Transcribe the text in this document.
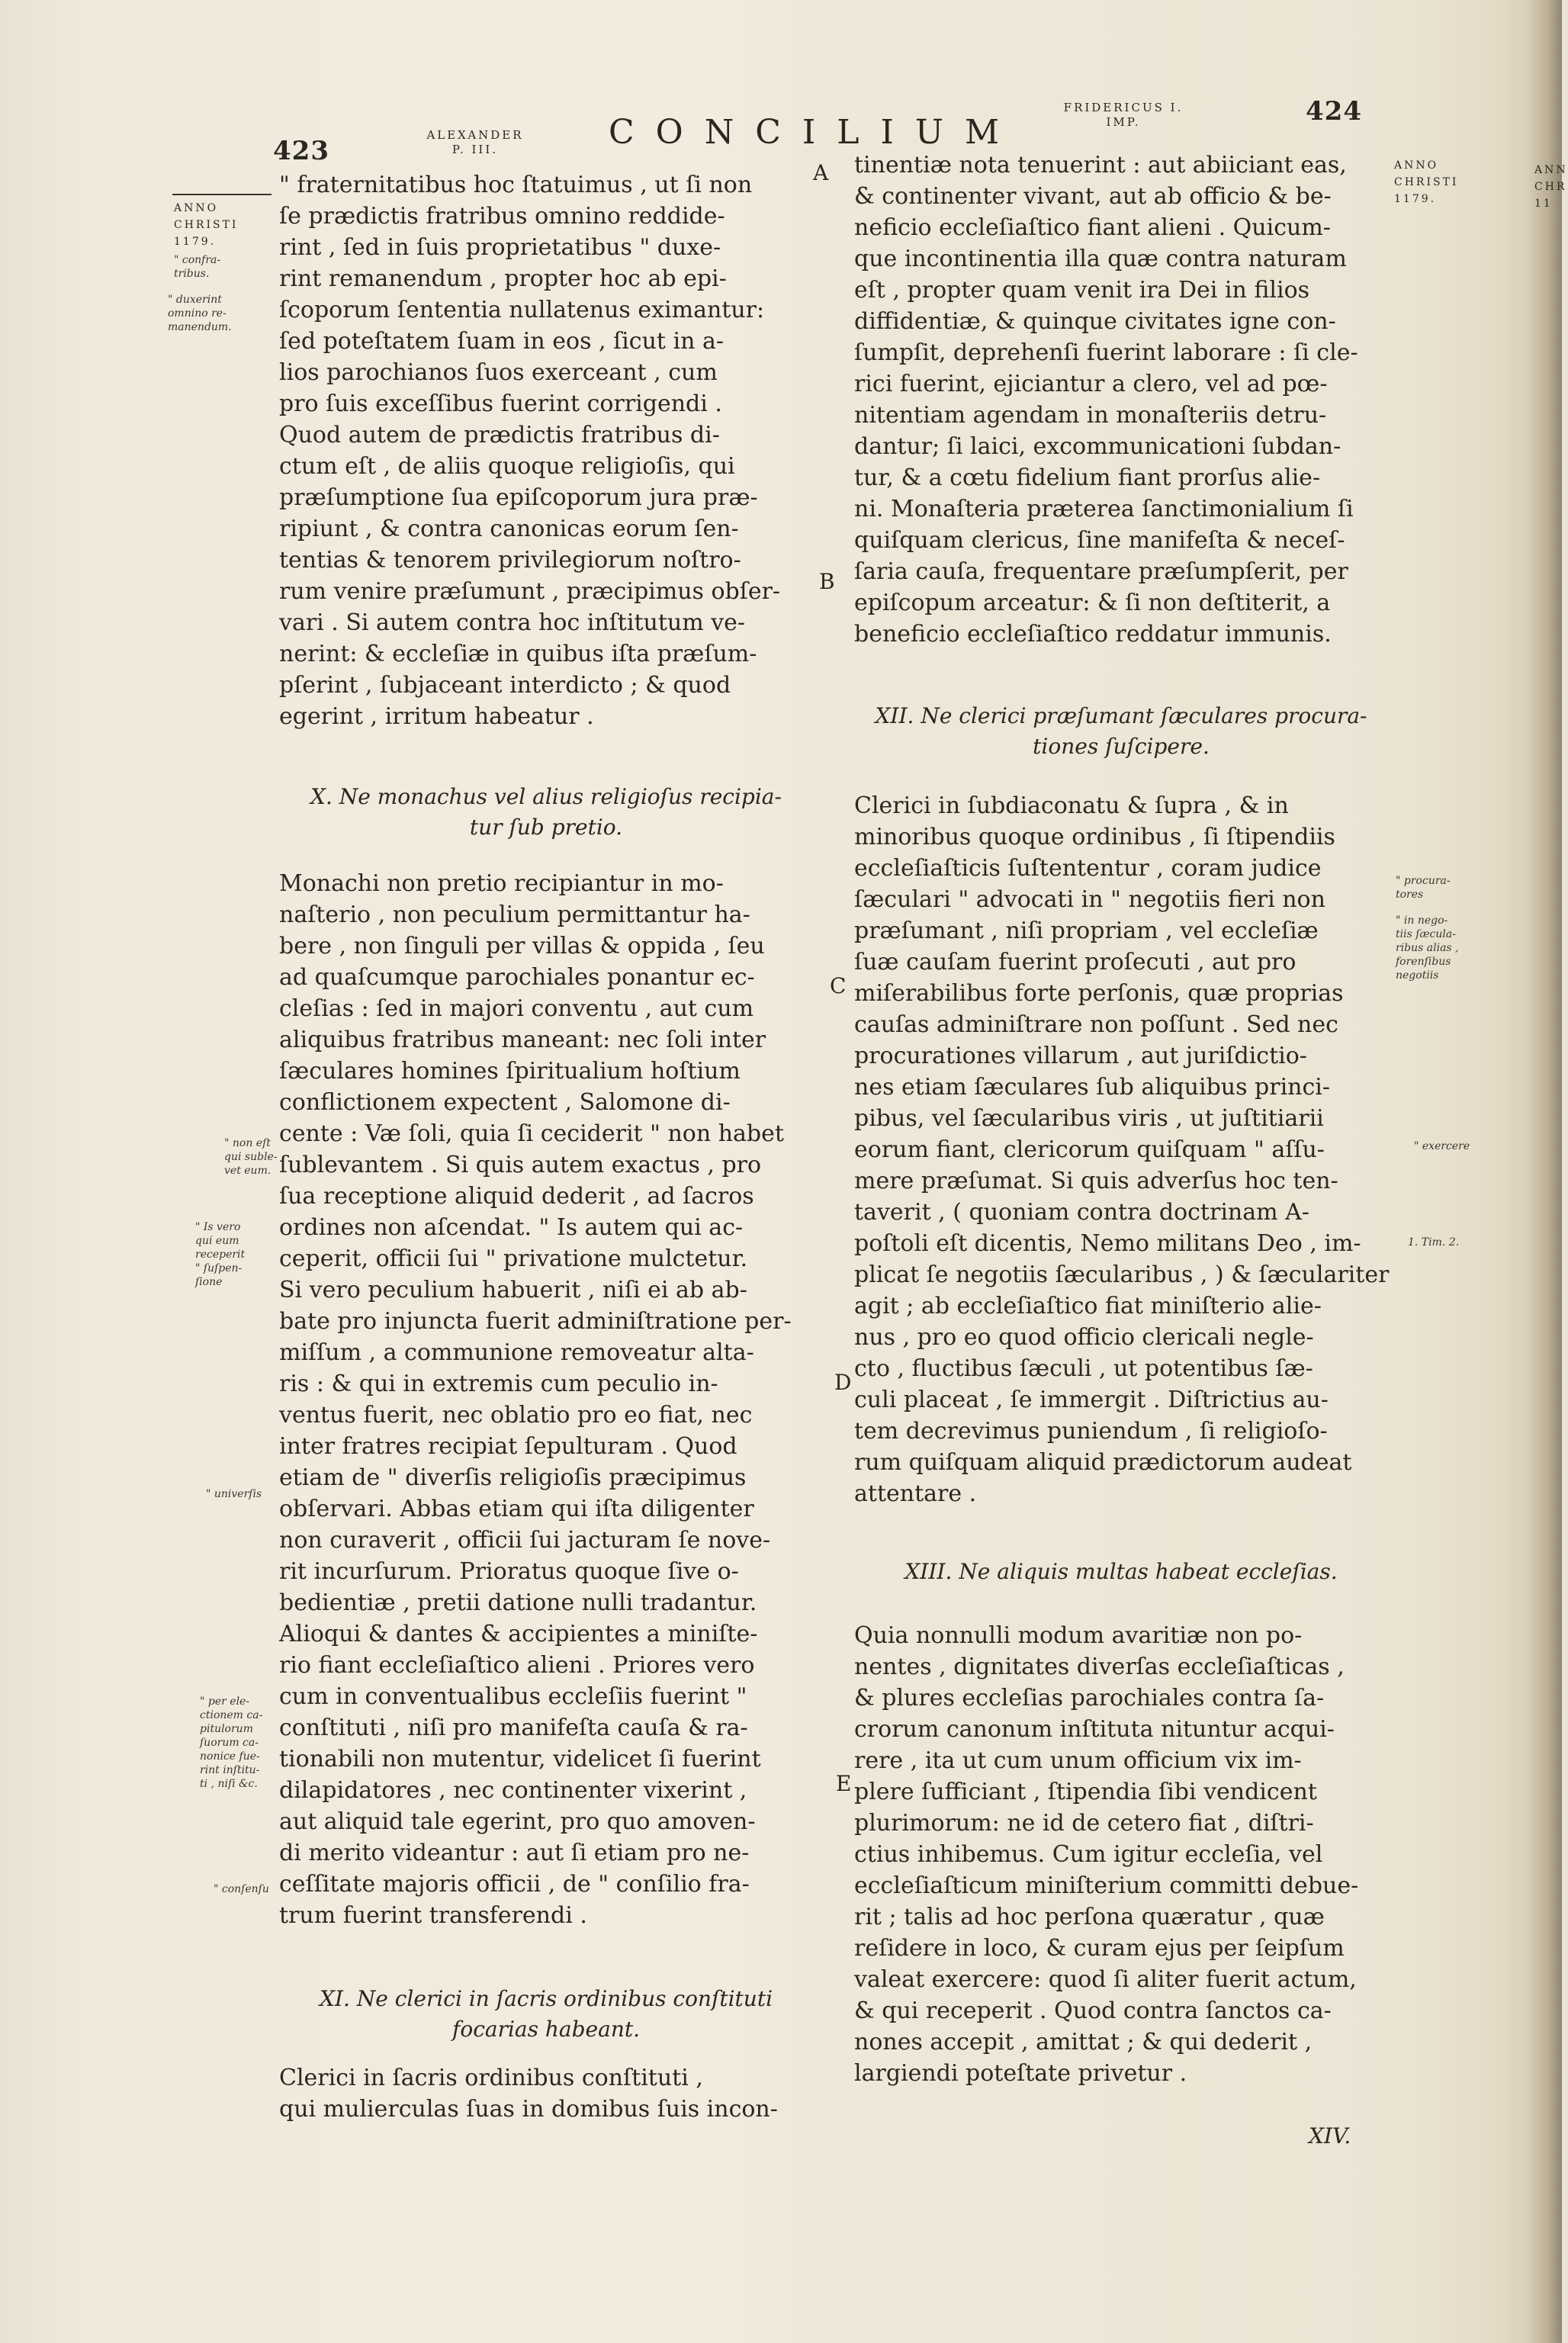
423
ALEXANDER
P. III.	CONCILIUM
FRIDERICUS I.
IMP.	424
ANNO
CHRISTI
1179.
ANNO
CHRISTI
1179.
ANN
CHR
11
A
B
C
D
E
" confra-
tribus.
" duxerint
omnino re-
manendum.
" non eſt
qui suble-
vet eum.
" Is vero
qui eum
receperit
" ſuſpen-
ſione
" univerſis
" per ele-
ctionem ca-
pitulorum
ſuorum ca-
nonice fue-
rint inſtitu-
ti , niſi &c.
" conſenſu
" procura-
tores
" in nego-
tiis ſæcula-
ribus alias ,
forenſibus
negotiis
" exercere
1. Tim. 2.
" fraternitatibus hoc ſtatuimus , ut ſi non
ſe prædictis fratribus omnino reddide-
rint , ſed in ſuis proprietatibus " duxe-
rint remanendum , propter hoc ab epi-
ſcoporum ſententia nullatenus eximantur:
ſed poteſtatem ſuam in eos , ſicut in a-
lios parochianos ſuos exerceant , cum
pro ſuis exceſſibus fuerint corrigendi .
Quod autem de prædictis fratribus di-
ctum eſt , de aliis quoque religioſis, qui
præſumptione ſua epiſcoporum jura præ-
ripiunt , & contra canonicas eorum ſen-
tentias & tenorem privilegiorum noſtro-
rum venire præſumunt , præcipimus obſer-
vari . Si autem contra hoc inſtitutum ve-
nerint: & eccleſiæ in quibus iſta præſum-
pſerint , ſubjaceant interdicto ; & quod
egerint , irritum habeatur .
X. Ne monachus vel alius religioſus recipia-
tur ſub pretio.
Monachi non pretio recipiantur in mo-
naſterio , non peculium permittantur ha-
bere , non ſinguli per villas & oppida , ſeu
ad quaſcumque parochiales ponantur ec-
cleſias : ſed in majori conventu , aut cum
aliquibus fratribus maneant: nec ſoli inter
ſæculares homines ſpiritualium hoſtium
conflictionem expectent , Salomone di-
cente : Væ ſoli, quia ſi ceciderit " non habet
ſublevantem . Si quis autem exactus , pro
ſua receptione aliquid dederit , ad ſacros
ordines non aſcendat. " Is autem qui ac-
ceperit, officii ſui " privatione mulctetur.
Si vero peculium habuerit , niſi ei ab ab-
bate pro injuncta fuerit adminiſtratione per-
miſſum , a communione removeatur alta-
ris : & qui in extremis cum peculio in-
ventus fuerit, nec oblatio pro eo fiat, nec
inter fratres recipiat ſepulturam . Quod
etiam de " diverſis religioſis præcipimus
obſervari. Abbas etiam qui iſta diligenter
non curaverit , officii ſui jacturam ſe nove-
rit incurſurum. Prioratus quoque ſive o-
bedientiæ , pretii datione nulli tradantur.
Alioqui & dantes & accipientes a miniſte-
rio fiant eccleſiaſtico alieni . Priores vero
cum in conventualibus eccleſiis fuerint "
conſtituti , niſi pro manifeſta cauſa & ra-
tionabili non mutentur, videlicet ſi fuerint
dilapidatores , nec continenter vixerint ,
aut aliquid tale egerint, pro quo amoven-
di merito videantur : aut ſi etiam pro ne-
ceſſitate majoris officii , de " conſilio fra-
trum fuerint transferendi .
XI. Ne clerici in ſacris ordinibus conſtituti
focarias habeant.
Clerici in ſacris ordinibus conſtituti ,
qui mulierculas ſuas in domibus ſuis incon-
tinentiæ nota tenuerint : aut abiiciant eas,
& continenter vivant, aut ab officio & be-
neficio eccleſiaſtico fiant alieni . Quicum-
que incontinentia illa quæ contra naturam
eſt , propter quam venit ira Dei in filios
diffidentiæ, & quinque civitates igne con-
ſumpſit, deprehenſi fuerint laborare : ſi cle-
rici fuerint, ejiciantur a clero, vel ad pœ-
nitentiam agendam in monaſteriis detru-
dantur; ſi laici, excommunicationi ſubdan-
tur, & a cœtu fidelium fiant prorſus alie-
ni. Monaſteria præterea ſanctimonialium ſi
quiſquam clericus, ſine manifeſta & neceſ-
ſaria cauſa, frequentare præſumpſerit, per
epiſcopum arceatur: & ſi non deſtiterit, a
beneficio eccleſiaſtico reddatur immunis.
XII. Ne clerici præſumant ſæculares procura-
tiones ſuſcipere.
Clerici in ſubdiaconatu & ſupra , & in
minoribus quoque ordinibus , ſi ſtipendiis
eccleſiaſticis ſuſtententur , coram judice
ſæculari " advocati in " negotiis fieri non
præſumant , niſi propriam , vel eccleſiæ
ſuæ cauſam fuerint proſecuti , aut pro
miſerabilibus forte perſonis, quæ proprias
cauſas adminiſtrare non poſſunt . Sed nec
procurationes villarum , aut juriſdictio-
nes etiam ſæculares ſub aliquibus princi-
pibus, vel ſæcularibus viris , ut juſtitiarii
eorum fiant, clericorum quiſquam " aſſu-
mere præſumat. Si quis adverſus hoc ten-
taverit , ( quoniam contra doctrinam A-
poſtoli eſt dicentis, Nemo militans Deo , im-
plicat ſe negotiis ſæcularibus , ) & ſæculariter
agit ; ab eccleſiaſtico fiat miniſterio alie-
nus , pro eo quod officio clericali negle-
cto , fluctibus ſæculi , ut potentibus ſæ-
culi placeat , ſe immergit . Diſtrictius au-
tem decrevimus puniendum , ſi religioſo-
rum quiſquam aliquid prædictorum audeat
attentare .
XIII. Ne aliquis multas habeat eccleſias.
Quia nonnulli modum avaritiæ non po-
nentes , dignitates diverſas eccleſiaſticas ,
& plures eccleſias parochiales contra ſa-
crorum canonum inſtituta nituntur acqui-
rere , ita ut cum unum officium vix im-
plere ſufficiant , ſtipendia ſibi vendicent
plurimorum: ne id de cetero fiat , diſtri-
ctius inhibemus. Cum igitur eccleſia, vel
eccleſiaſticum miniſterium committi debue-
rit ; talis ad hoc perſona quæratur , quæ
reſidere in loco, & curam ejus per ſeipſum
valeat exercere: quod ſi aliter fuerit actum,
& qui receperit . Quod contra ſanctos ca-
nones accepit , amittat ; & qui dederit ,
largiendi poteſtate privetur .
XIV.
